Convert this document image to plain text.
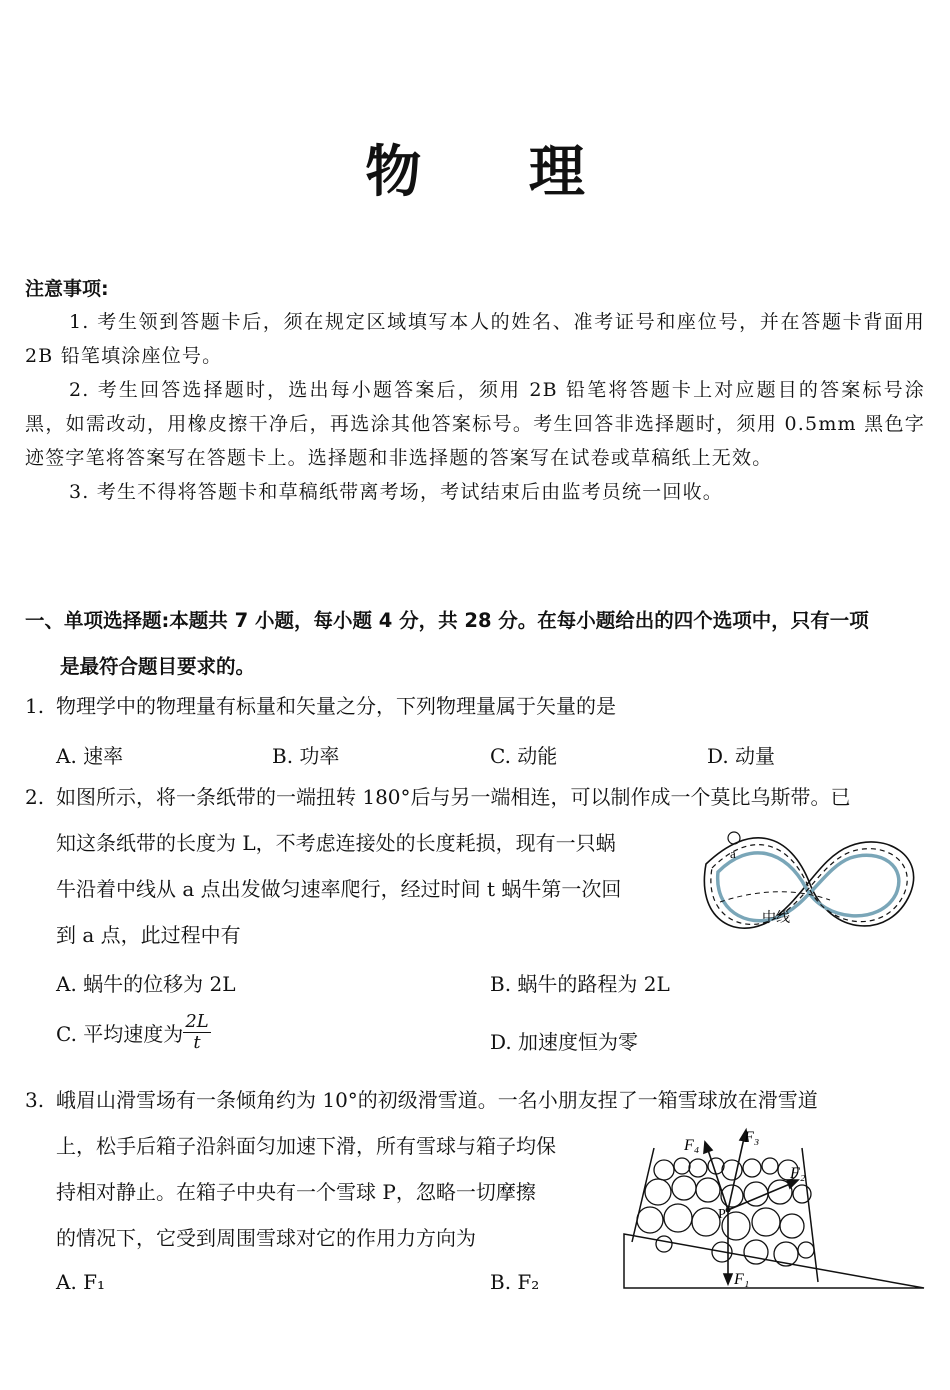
物 理
注意事项:

1. 考生领到答题卡后，须在规定区域填写本人的姓名、准考证号和座位号，并在答题卡背面用 2B 铅笔填涂座位号。

2. 考生回答选择题时，选出每小题答案后，须用 2B 铅笔将答题卡上对应题目的答案标号涂黑，如需改动，用橡皮擦干净后，再选涂其他答案标号。考生回答非选择题时，须用 0.5mm 黑色字迹签字笔将答案写在答题卡上。选择题和非选择题的答案写在试卷或草稿纸上无效。

3. 考生不得将答题卡和草稿纸带离考场，考试结束后由监考员统一回收。

一、单项选择题:本题共 7 小题，每小题 4 分，共 28 分。在每小题给出的四个选项中，只有一项
是最符合题目要求的。
1. 物理学中的物理量有标量和矢量之分，下列物理量属于矢量的是
A. 速率	B. 功率	C. 动能	D. 动量
2. 如图所示，将一条纸带的一端扭转 180°后与另一端相连，可以制作成一个莫比乌斯带。已
知这条纸带的长度为 L，不考虑连接处的长度耗损，现有一只蜗
牛沿着中线从 a 点出发做匀速率爬行，经过时间 t 蜗牛第一次回
到 a 点，此过程中有
a
中线
A. 蜗牛的位移为 2L	B. 蜗牛的路程为 2L
C. 平均速度为 $\frac{2L}{t}$	D. 加速度恒为零
3. 峨眉山滑雪场有一条倾角约为 10°的初级滑雪道。一名小朋友捏了一箱雪球放在滑雪道
上，松手后箱子沿斜面匀加速下滑，所有雪球与箱子均保
持相对静止。在箱子中央有一个雪球 P，忽略一切摩擦
的情况下，它受到周围雪球对它的作用力方向为
A. F₁	B. F₂
F₄	F₃
F₂
F₁
P
